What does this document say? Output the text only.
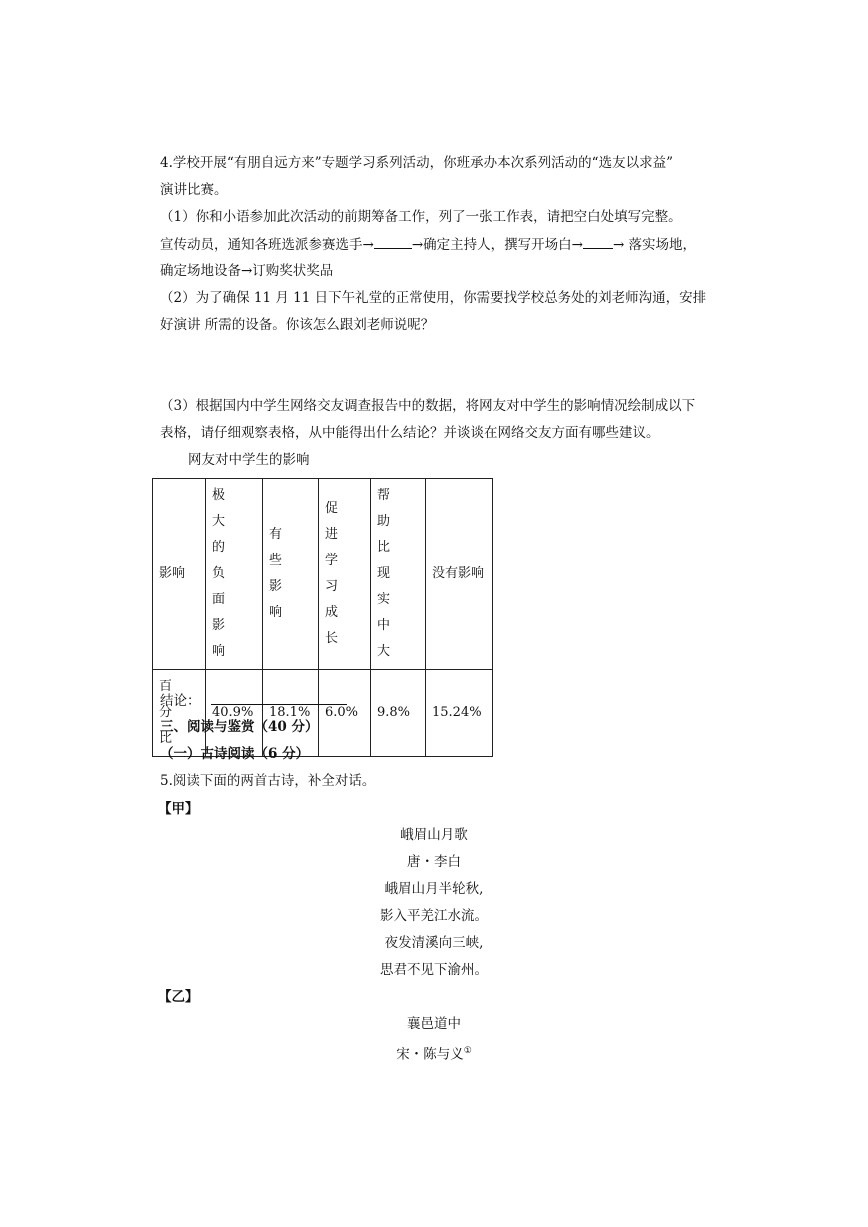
4.学校开展“有朋自远方来”专题学习系列活动，你班承办本次系列活动的“选友以求益”
演讲比赛。
（1）你和小语参加此次活动的前期筹备工作，列了一张工作表，请把空白处填写完整。
宣传动员，通知各班选派参赛选手→	→确定主持人，撰写开场白→ → 落实场地，
确定场地设备→订购奖状奖品
（2）为了确保 11 月 11 日下午礼堂的正常使用，你需要找学校总务处的刘老师沟通，安排
好演讲 所需的设备。你该怎么跟刘老师说呢？
（3）根据国内中学生网络交友调查报告中的数据，将网友对中学生的影响情况绘制成以下
表格，请仔细观察表格，从中能得出什么结论？并谈谈在网络交友方面有哪些建议。
网友对中学生的影响
影响	极大的负面影响	有些影响	促进学习成长	帮助比现实中大	没有影响
百分比	40.9%	18.1%	6.0%	9.8%	15.24%
结论：
三、阅读与鉴赏（40 分）
（一）古诗阅读（6 分）
5.阅读下面的两首古诗，补全对话。
【甲】
峨眉山月歌
唐・李白
峨眉山月半轮秋,
影入平羌江水流。
夜发清溪向三峡,
思君不见下渝州。
【乙】
襄邑道中
宋・陈与义①
